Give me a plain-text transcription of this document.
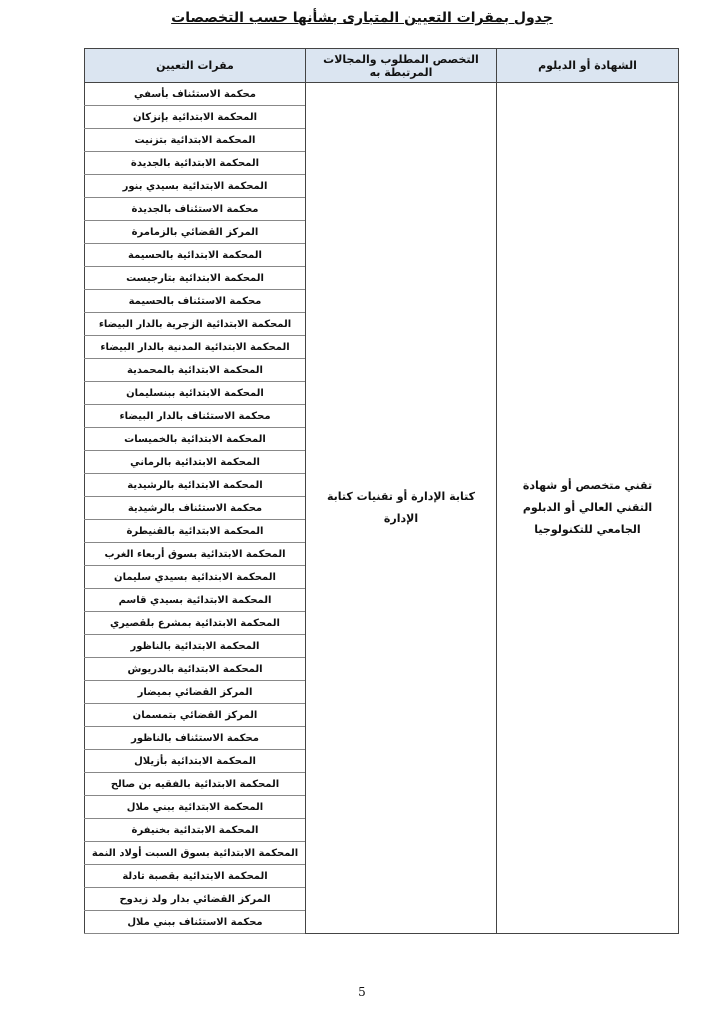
جدول بمقرات التعيين المتبارى بشأنها حسب التخصصات
الشهادة أو الدبلوم	التخصص المطلوب والمجالات المرتبطة به	مقرات التعيين
تقني متخصص أو شهادة التقني العالي أو الدبلوم الجامعي للتكنولوجيا	كتابة الإدارة أو تقنيات كتابة الإدارة	محكمة الاستئناف بأسفي
		المحكمة الابتدائية بإنزكان
		المحكمة الابتدائية بتزنيت
		المحكمة الابتدائية بالجديدة
		المحكمة الابتدائية بسيدي بنور
		محكمة الاستئناف بالجديدة
		المركز القضائي بالزمامرة
		المحكمة الابتدائية بالحسيمة
		المحكمة الابتدائية بتارجيست
		محكمة الاستئناف بالحسيمة
		المحكمة الابتدائية الزجرية بالدار البيضاء
		المحكمة الابتدائية المدنية بالدار البيضاء
		المحكمة الابتدائية بالمحمدية
		المحكمة الابتدائية ببنسليمان
		محكمة الاستئناف بالدار البيضاء
		المحكمة الابتدائية بالخميسات
		المحكمة الابتدائية بالرماني
		المحكمة الابتدائية بالرشيدية
		محكمة الاستئناف بالرشيدية
		المحكمة الابتدائية بالقنيطرة
		المحكمة الابتدائية بسوق أربعاء الغرب
		المحكمة الابتدائية بسيدي سليمان
		المحكمة الابتدائية بسيدي قاسم
		المحكمة الابتدائية بمشرع بلقصيري
		المحكمة الابتدائية بالناظور
		المحكمة الابتدائية بالدريوش
		المركز القضائي بميضار
		المركز القضائي بتمسمان
		محكمة الاستئناف بالناظور
		المحكمة الابتدائية بأزيلال
		المحكمة الابتدائية بالفقيه بن صالح
		المحكمة الابتدائية ببني ملال
		المحكمة الابتدائية بخنيفرة
		المحكمة الابتدائية بسوق السبت أولاد النمة
		المحكمة الابتدائية بقصبة تادلة
		المركز القضائي بدار ولد زيدوح
		محكمة الاستئناف ببني ملال
5
